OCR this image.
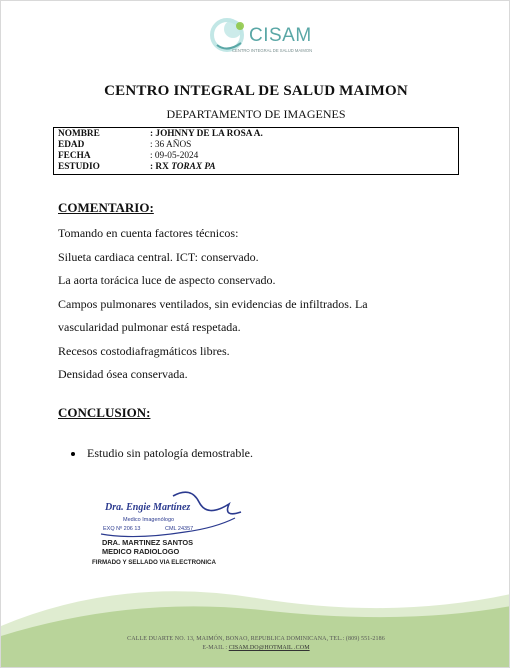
CISAM
CENTRO INTEGRAL DE SALUD MAIMON
CENTRO INTEGRAL DE SALUD MAIMON
DEPARTAMENTO DE IMAGENES
NOMBRE	: JOHNNY DE LA ROSA A.
EDAD	: 36 AÑOS
FECHA	: 09-05-2024
ESTUDIO	: RX TORAX PA
COMENTARIO:

Tomando en cuenta factores técnicos:

Silueta cardiaca central. ICT: conservado.

La aorta torácica luce de aspecto conservado.

Campos pulmonares ventilados, sin evidencias de infiltrados. La

vascularidad pulmonar está respetada.

Recesos costodiafragmáticos libres.

Densidad ósea conservada.

CONCLUSION:
Estudio sin patología demostrable.
Dra. Engie Martínez
Medico Imagenólogo
EXQ Nº 206 13	CML 24357
DRA. MARTINEZ SANTOS
MEDICO RADIOLOGO
FIRMADO Y SELLADO VIA ELECTRONICA
CALLE DUARTE NO. 13, MAIMÓN, BONAO, REPUBLICA DOMINICANA, TEL.: (809) 551-2186
E-MAIL : CISAM.DO@HOTMAIL .COM
